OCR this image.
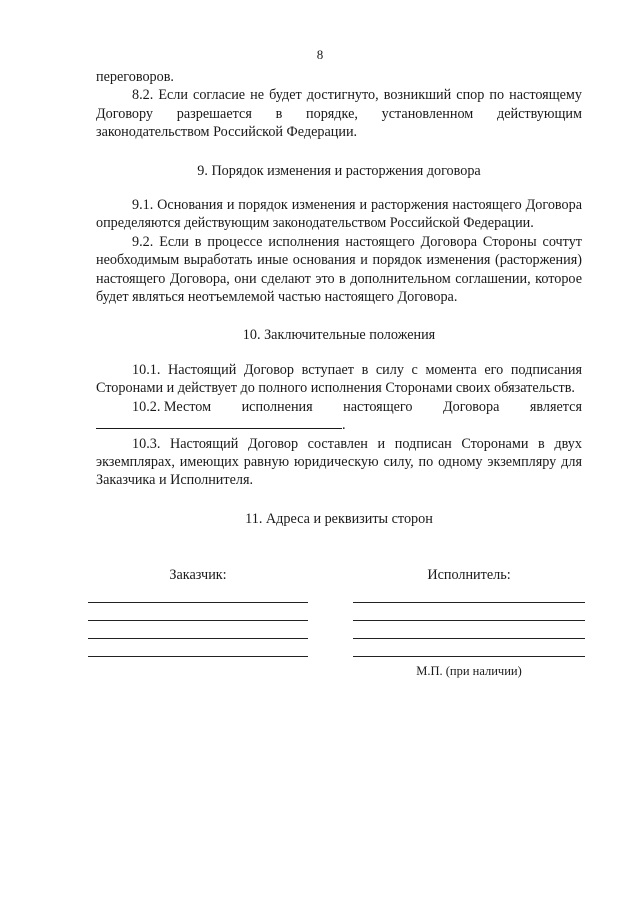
8

переговоров.

8.2. Если согласие не будет достигнуто, возникший спор по настоящему Договору разрешается в порядке, установленном действующим законодательством Российской Федерации.

9. Порядок изменения и расторжения договора

9.1. Основания и порядок изменения и расторжения настоящего Договора определяются действующим законодательством Российской Федерации.

9.2. Если в процессе исполнения настоящего Договора Стороны сочтут необходимым выработать иные основания и порядок изменения (расторжения) настоящего Договора, они сделают это в дополнительном соглашении, которое будет являться неотъемлемой частью настоящего Договора.

10. Заключительные положения

10.1. Настоящий Договор вступает в силу с момента его подписания Сторонами и действует до полного исполнения Сторонами своих обязательств.

10.2. Местом исполнения настоящего Договора является

.

10.3. Настоящий Договор составлен и подписан Сторонами в двух экземплярах, имеющих равную юридическую силу, по одному экземпляру для Заказчика и Исполнителя.

11. Адреса и реквизиты сторон
Заказчик:	Исполнитель:
М.П. (при наличии)
